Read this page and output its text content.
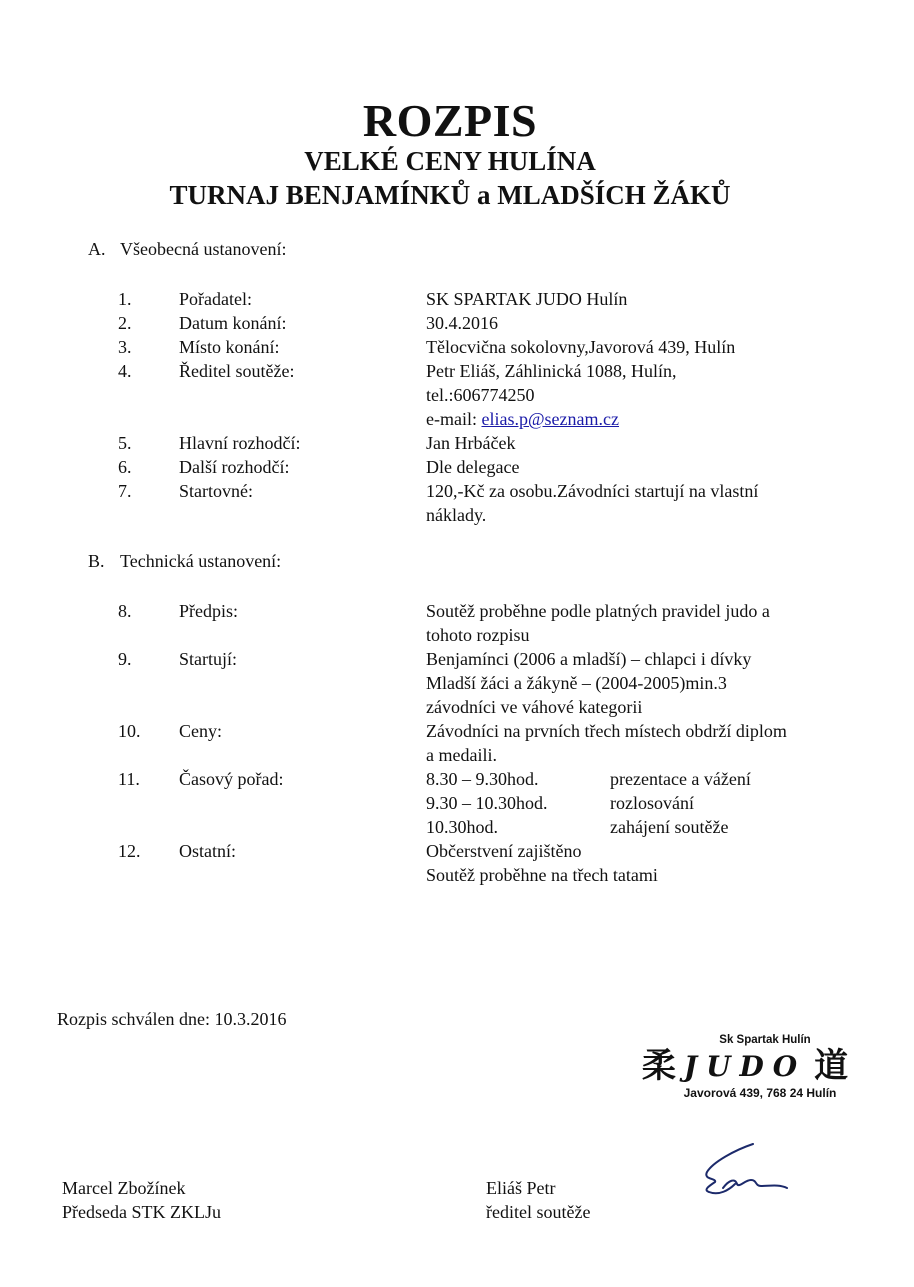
ROZPIS
VELKÉ CENY HULÍNA
TURNAJ BENJAMÍNKŮ a MLADŠÍCH ŽÁKŮ
A. Všeobecná ustanovení:
1.	Pořadatel:	SK SPARTAK JUDO Hulín
2.	Datum konání:	30.4.2016
3.	Místo konání:	Tělocvična sokolovny,Javorová 439, Hulín
4.	Ředitel soutěže:	Petr Eliáš, Záhlinická 1088, Hulín,
tel.:606774250
e-mail: elias.p@seznam.cz
5.	Hlavní rozhodčí:	Jan Hrbáček
6.	Další rozhodčí:	Dle delegace
7.	Startovné:	120,-Kč za osobu.Závodníci startují na vlastní
náklady.
B. Technická ustanovení:
8.	Předpis:	Soutěž proběhne podle platných pravidel judo a
tohoto rozpisu
9.	Startují:	Benjamínci (2006 a mladší) – chlapci i dívky
Mladší žáci a žákyně – (2004-2005)min.3
závodníci ve váhové kategorii
10. Ceny:	Závodníci na prvních třech místech obdrží diplom
a medaili.
11. Časový pořad:	8.30 – 9.30hod.	prezentace a vážení
9.30 – 10.30hod.	rozlosování
10.30hod.	zahájení soutěže
12. Ostatní:	Občerstvení zajištěno
Soutěž proběhne na třech tatami
Rozpis schválen dne: 10.3.2016
Sk Spartak Hulín
柔 JUDO 道
Javorová 439, 768 24 Hulín
Marcel Zbožínek
Předseda STK ZKLJu
Eliáš Petr
ředitel soutěže
